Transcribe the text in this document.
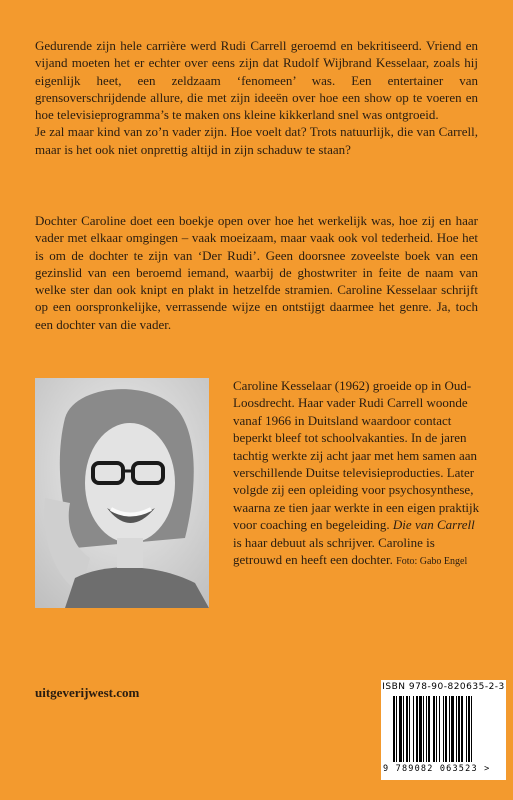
Gedurende zijn hele carrière werd Rudi Carrell geroemd en bekritiseerd. Vriend en vijand moeten het er echter over eens zijn dat Rudolf Wijbrand Kesselaar, zoals hij eigenlijk heet, een zeldzaam ‘fenomeen’ was. Een entertainer van grensoverschrijdende allure, die met zijn ideeën over hoe een show op te voeren en hoe televisieprogramma’s te maken ons kleine kikkerland snel was ontgroeid.
Je zal maar kind van zo’n vader zijn. Hoe voelt dat? Trots natuurlijk, die van Carrell, maar is het ook niet onprettig altijd in zijn schaduw te staan?

Dochter Caroline doet een boekje open over hoe het werkelijk was, hoe zij en haar vader met elkaar omgingen – vaak moeizaam, maar vaak ook vol tederheid. Hoe het is om de dochter te zijn van ‘Der Rudi’. Geen doorsnee zoveelste boek van een gezinslid van een beroemd iemand, waarbij de ghostwriter in feite de naam van welke ster dan ook knipt en plakt in hetzelfde stramien. Caroline Kesselaar schrijft op een oorspronkelijke, verrassende wijze en ontstijgt daarmee het genre. Ja, toch een dochter van die vader.

Caroline Kesselaar (1962) groeide op in Oud-Loosdrecht. Haar vader Rudi Carrell woonde vanaf 1966 in Duitsland waardoor contact beperkt bleef tot schoolvakanties. In de jaren tachtig werkte zij acht jaar met hem samen aan verschillende Duitse televisieproducties. Later volgde zij een opleiding voor psychosynthese, waarna ze tien jaar werkte in een eigen praktijk voor coaching en begeleiding. Die van Carrell is haar debuut als schrijver. Caroline is getrouwd en heeft een dochter. Foto: Gabo Engel

uitgeverijwest.com	ISBN 978-90-820635-2-3
9 789082 063523 >
